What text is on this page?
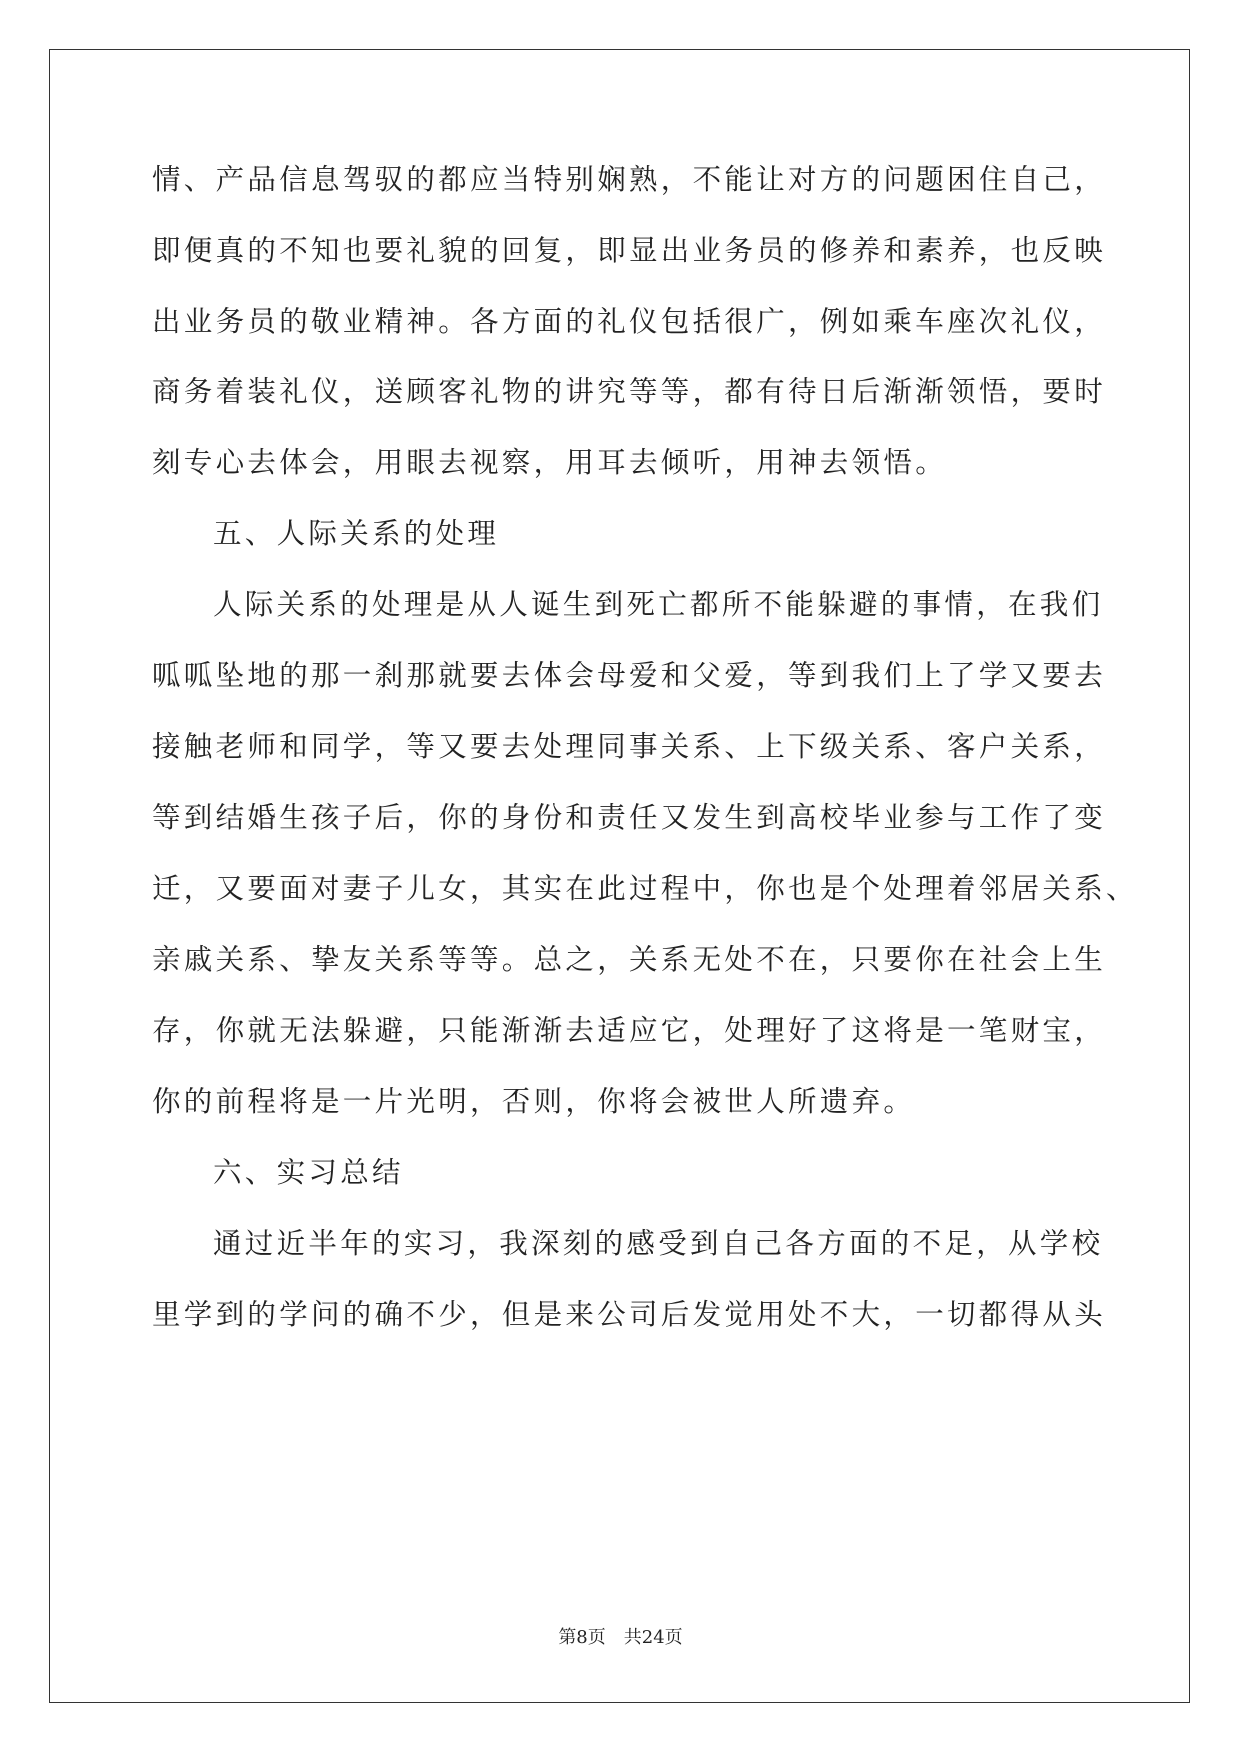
情、产品信息驾驭的都应当特别娴熟，不能让对方的问题困住自己，
即便真的不知也要礼貌的回复，即显出业务员的修养和素养，也反映
出业务员的敬业精神。各方面的礼仪包括很广，例如乘车座次礼仪，
商务着装礼仪，送顾客礼物的讲究等等，都有待日后渐渐领悟，要时
刻专心去体会，用眼去视察，用耳去倾听，用神去领悟。
五、人际关系的处理
人际关系的处理是从人诞生到死亡都所不能躲避的事情，在我们
呱呱坠地的那一刹那就要去体会母爱和父爱，等到我们上了学又要去
接触老师和同学，等又要去处理同事关系、上下级关系、客户关系，
等到结婚生孩子后，你的身份和责任又发生到高校毕业参与工作了变
迁，又要面对妻子儿女，其实在此过程中，你也是个处理着邻居关系、
亲戚关系、挚友关系等等。总之，关系无处不在，只要你在社会上生
存，你就无法躲避，只能渐渐去适应它，处理好了这将是一笔财宝，
你的前程将是一片光明，否则，你将会被世人所遗弃。
六、实习总结
通过近半年的实习，我深刻的感受到自己各方面的不足，从学校
里学到的学问的确不少，但是来公司后发觉用处不大，一切都得从头
第8页 共24页
